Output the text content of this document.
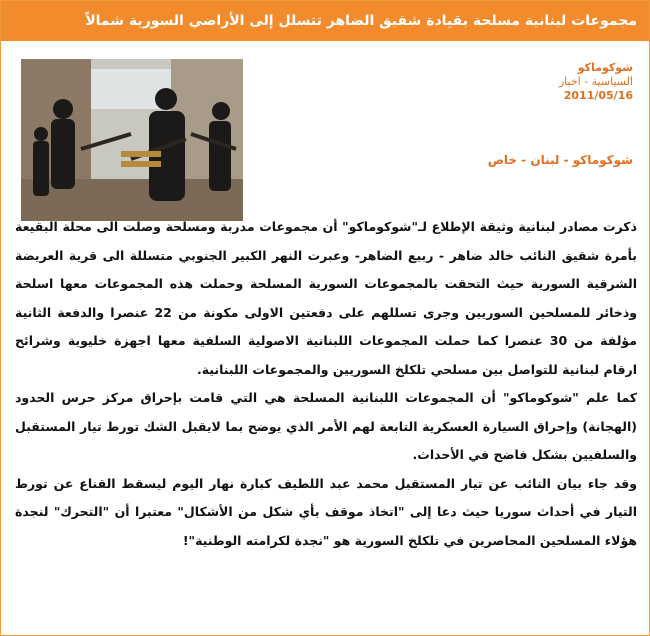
مجموعات لبنانية مسلحة بقيادة شقيق الضاهر تتسلل إلى الأراضي السورية شمالاً
شوكوماكو
السياسية - اخبار
2011/05/16
شوكوماكو - لبنان - خاص

ذكرت مصادر لبنانية وثيقة الإطلاع لـ"شوكوماكو" أن مجموعات مدربة ومسلحة وصلت الى محلة البقيعة بأمرة شقيق النائب خالد ضاهر - ربيع الضاهر- وعبرت النهر الكبير الجنوبي متسللة الى قرية العريضة الشرقية السورية حيث التحقت بالمجموعات السورية المسلحة وحملت هذه المجموعات معها اسلحة وذخائر للمسلحين السوريين وجرى تسللهم على دفعتين الاولى مكونة من 22 عنصرا والدفعة الثانية مؤلفة من 30 عنصرا كما حملت المجموعات اللبنانية الاصولية السلفية معها اجهزة خليوية وشرائح ارقام لبنانية للتواصل بين مسلحي تلكلخ السوريين والمجموعات اللبنانية.

كما علم "شوكوماكو" أن المجموعات اللبنانية المسلحة هي التي قامت بإحراق مركز حرس الحدود (الهجانة) وإحراق السيارة العسكرية التابعة لهم الأمر الذي يوضح بما لايقبل الشك تورط تيار المستقبل والسلفيين بشكل فاضح في الأحداث.

وقد جاء بيان النائب عن تيار المستقبل محمد عبد اللطيف كبارة نهار اليوم ليسقط القناع عن تورط التيار في أحداث سوريا حيث دعا إلى "اتخاذ موقف بأي شكل من الأشكال" معتبرا أن "التحرك" لنجدة هؤلاء المسلحين المحاصرين في تلكلخ السورية هو "نجدة لكرامته الوطنية"!
